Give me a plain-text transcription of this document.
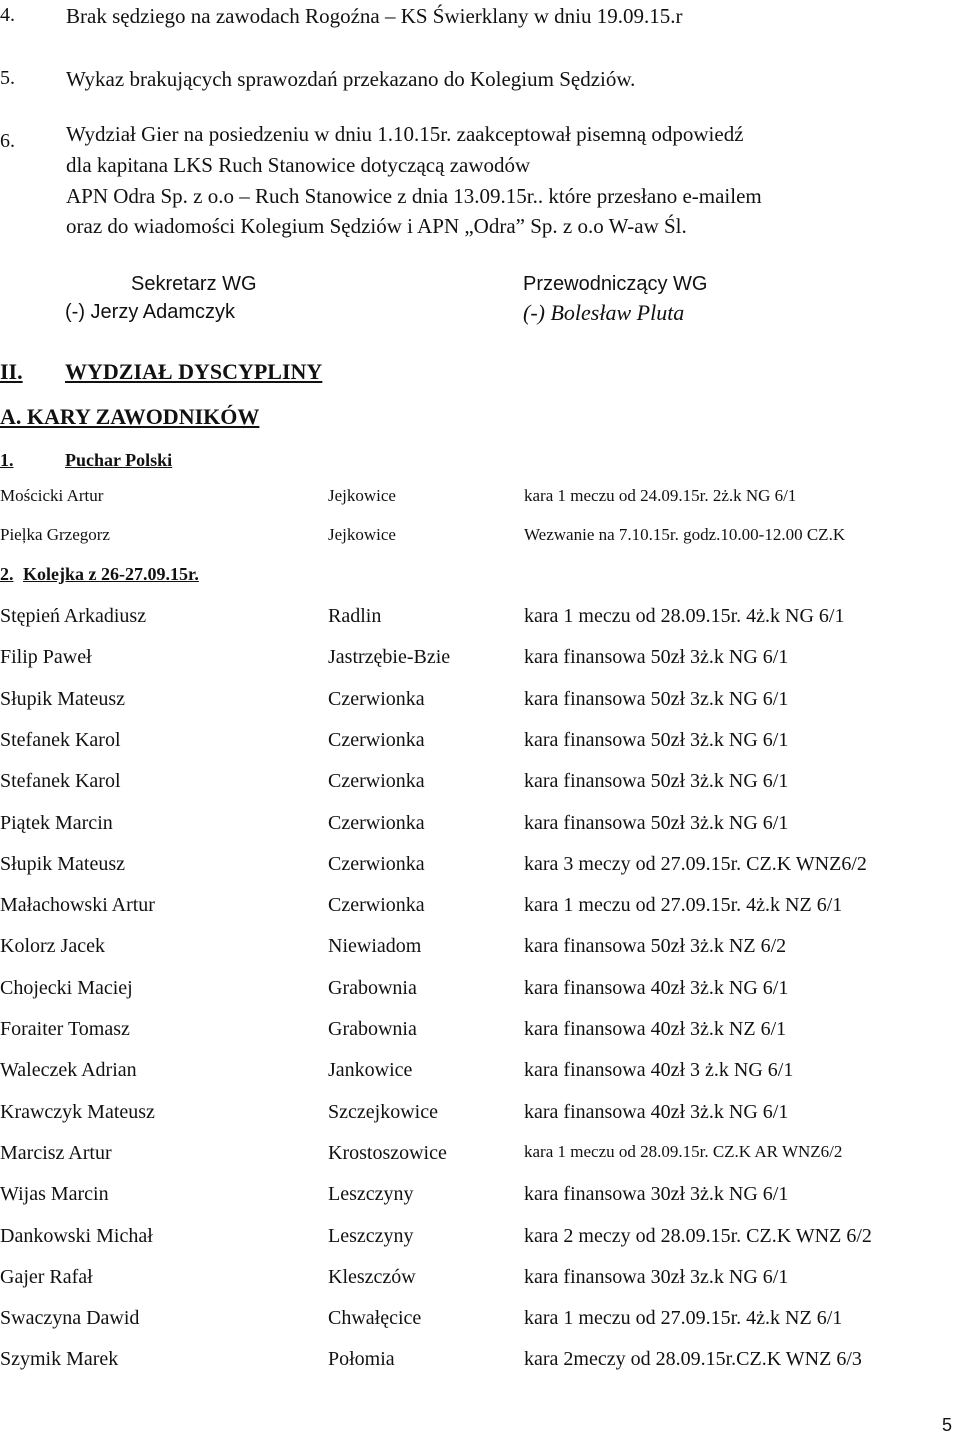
4. Brak sędziego na zawodach Rogoźna – KS Świerklany w dniu 19.09.15.r
5. Wykaz brakujących sprawozdań przekazano do Kolegium Sędziów.
6. Wydział Gier na posiedzeniu w dniu 1.10.15r. zaakceptował pisemną odpowiedź
dla kapitana LKS Ruch Stanowice dotyczącą zawodów
APN Odra Sp. z o.o – Ruch Stanowice z dnia 13.09.15r.. które przesłano e-mailem
oraz do wiadomości Kolegium Sędziów i APN „Odra” Sp. z o.o W-aw Śl.
Sekretarz WG
(-) Jerzy Adamczyk
Przewodniczący WG
(-) Bolesław Pluta
II. WYDZIAŁ DYSCYPLINY
A. KARY ZAWODNIKÓW
1.	Puchar Polski
Mościcki Artur	Jejkowice	kara 1 meczu od 24.09.15r. 2ż.k NG 6/1
Pieļka Grzegorz	Jejkowice	Wezwanie na 7.10.15r. godz.10.00-12.00 CZ.K
2. Kolejka z 26-27.09.15r.
Stępień Arkadiusz	Radlin	kara 1 meczu od 28.09.15r. 4ż.k NG 6/1
Filip Paweł	Jastrzębie-Bzie	kara finansowa 50zł 3ż.k NG 6/1
Słupik Mateusz	Czerwionka	kara finansowa 50zł 3z.k NG 6/1
Stefanek Karol	Czerwionka	kara finansowa 50zł 3ż.k NG 6/1
Stefanek Karol	Czerwionka	kara finansowa 50zł 3ż.k NG 6/1
Piątek Marcin	Czerwionka	kara finansowa 50zł 3ż.k NG 6/1
Słupik Mateusz	Czerwionka	kara 3 meczy od 27.09.15r. CZ.K WNZ6/2
Małachowski Artur	Czerwionka	kara 1 meczu od 27.09.15r. 4ż.k NZ 6/1
Kolorz Jacek	Niewiadom	kara finansowa 50zł 3ż.k NZ 6/2
Chojecki Maciej	Grabownia	kara finansowa 40zł 3ż.k NG 6/1
Foraiter Tomasz	Grabownia	kara finansowa 40zł 3ż.k NZ 6/1
Waleczek Adrian	Jankowice	kara finansowa 40zł 3 ż.k NG 6/1
Krawczyk Mateusz	Szczejkowice	kara finansowa 40zł 3ż.k NG 6/1
Marcisz Artur	Krostoszowice	kara 1 meczu od 28.09.15r. CZ.K AR WNZ6/2
Wijas Marcin	Leszczyny	kara finansowa 30zł 3ż.k NG 6/1
Dankowski Michał	Leszczyny	kara 2 meczy od 28.09.15r. CZ.K WNZ 6/2
Gajer Rafał	Kleszczów	kara finansowa 30zł 3z.k NG 6/1
Swaczyna Dawid	Chwałęcice	kara 1 meczu od 27.09.15r. 4ż.k NZ 6/1
Szymik Marek	Połomia	kara 2meczy od 28.09.15r.CZ.K WNZ 6/3
5
